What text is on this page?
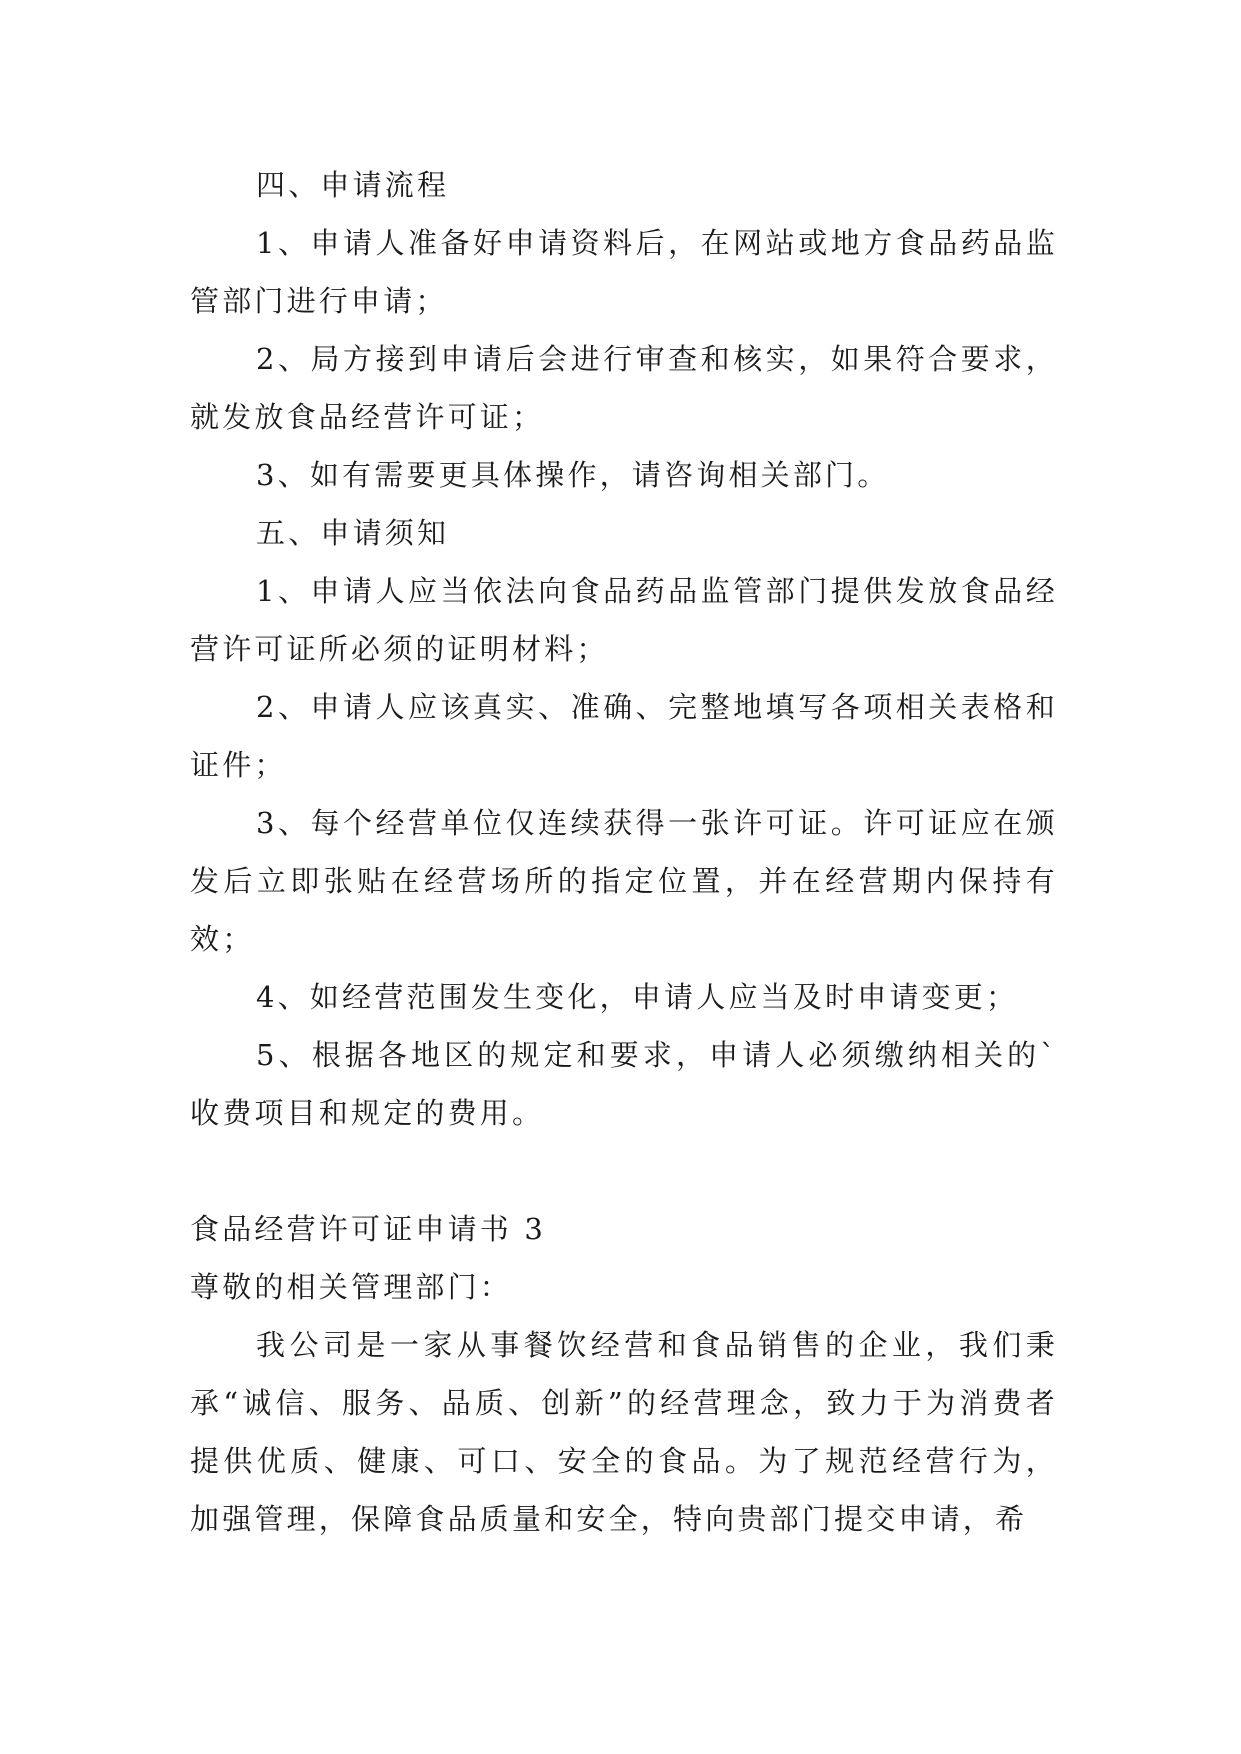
四、申请流程

1、申请人准备好申请资料后，在网站或地方食品药品监管部门进行申请；

2、局方接到申请后会进行审查和核实，如果符合要求，就发放食品经营许可证；

3、如有需要更具体操作，请咨询相关部门。

五、申请须知

1、申请人应当依法向食品药品监管部门提供发放食品经营许可证所必须的证明材料；

2、申请人应该真实、准确、完整地填写各项相关表格和证件；

3、每个经营单位仅连续获得一张许可证。许可证应在颁发后立即张贴在经营场所的指定位置，并在经营期内保持有效；

4、如经营范围发生变化，申请人应当及时申请变更；

5、根据各地区的规定和要求，申请人必须缴纳相关的`收费项目和规定的费用。

食品经营许可证申请书 3

尊敬的相关管理部门：

我公司是一家从事餐饮经营和食品销售的企业，我们秉承“诚信、服务、品质、创新”的经营理念，致力于为消费者提供优质、健康、可口、安全的食品。为了规范经营行为，加强管理，保障食品质量和安全，特向贵部门提交申请，希
